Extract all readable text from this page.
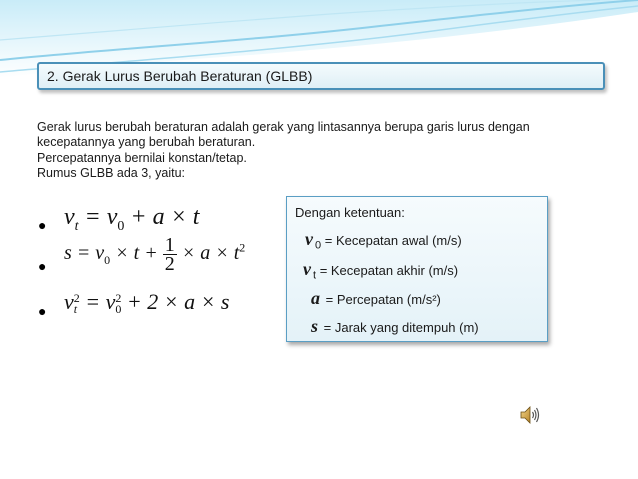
2. Gerak Lurus Berubah Beraturan (GLBB)
Gerak lurus berubah beraturan adalah gerak yang lintasannya berupa garis lurus dengan
kecepatannya yang berubah beraturan.
Percepatannya bernilai konstan/tetap.
Rumus GLBB ada 3, yaitu:
● $v_t = v_0 + a \times t$
●
$s = v_0 \times t + \frac{1}{2} \times a \times t^2$
● v 2
t = v 2
0 + 2 × a × s
Dengan ketentuan:
v $_0$ = Kecepatan awal (m/s)
v $_t$ = Kecepatan akhir (m/s)
a = Percepatan (m/s²)
s = Jarak yang ditempuh (m)
